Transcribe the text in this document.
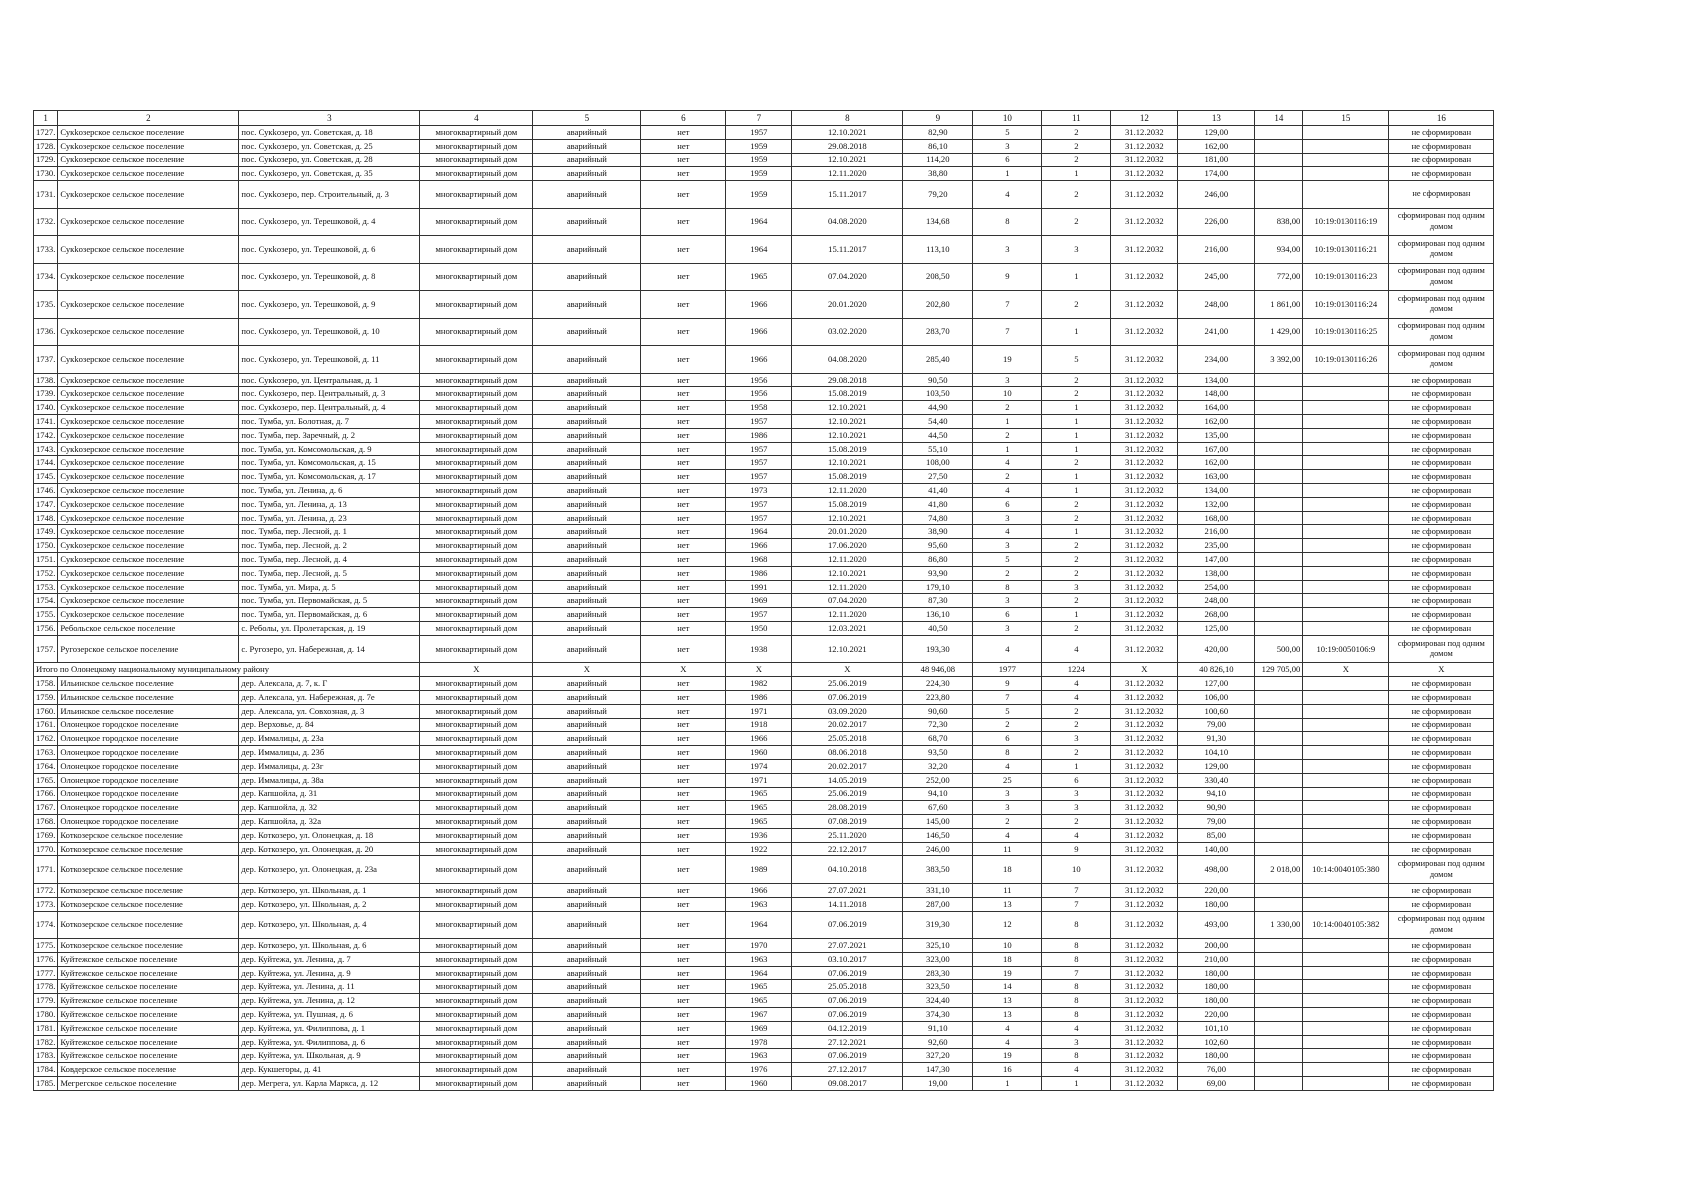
1	2	3	4	5	6	7	8	9	10	11	12	13	14	15	16
1727.	Сукkoзерское сельское поселение	пос. Сукkoзеро, ул. Советская, д. 18	многоквартирный дом	аварийный	нет	1957	12.10.2021	82,90	5	2	31.12.2032	129,00			не сформирован
1728.	Сукkoзерское сельское поселение	пос. Сукkoзеро, ул. Советская, д. 25	многоквартирный дом	аварийный	нет	1959	29.08.2018	86,10	3	2	31.12.2032	162,00			не сформирован
1729.	Сукkoзерское сельское поселение	пос. Сукkoзеро, ул. Советская, д. 28	многоквартирный дом	аварийный	нет	1959	12.10.2021	114,20	6	2	31.12.2032	181,00			не сформирован
1730.	Сукkoзерское сельское поселение	пос. Сукkoзеро, ул. Советская, д. 35	многоквартирный дом	аварийный	нет	1959	12.11.2020	38,80	1	1	31.12.2032	174,00			не сформирован
1731.	Сукkoзерское сельское поселение	пос. Сукkoзеро, пер. Строительный, д. 3	многоквартирный дом	аварийный	нет	1959	15.11.2017	79,20	4	2	31.12.2032	246,00			не сформирован
1732.	Сукkoзерское сельское поселение	пос. Сукkoзеро, ул. Терешковой, д. 4	многоквартирный дом	аварийный	нет	1964	04.08.2020	134,68	8	2	31.12.2032	226,00	838,00	10:19:0130116:19	сформирован под одним домом
1733.	Сукkoзерское сельское поселение	пос. Сукkoзеро, ул. Терешковой, д. 6	многоквартирный дом	аварийный	нет	1964	15.11.2017	113,10	3	3	31.12.2032	216,00	934,00	10:19:0130116:21	сформирован под одним домом
1734.	Сукkoзерское сельское поселение	пос. Сукkoзеро, ул. Терешковой, д. 8	многоквартирный дом	аварийный	нет	1965	07.04.2020	208,50	9	1	31.12.2032	245,00	772,00	10:19:0130116:23	сформирован под одним домом
1735.	Сукkoзерское сельское поселение	пос. Сукkoзеро, ул. Терешковой, д. 9	многоквартирный дом	аварийный	нет	1966	20.01.2020	202,80	7	2	31.12.2032	248,00	1 861,00	10:19:0130116:24	сформирован под одним домом
1736.	Сукkoзерское сельское поселение	пос. Сукkoзеро, ул. Терешковой, д. 10	многоквартирный дом	аварийный	нет	1966	03.02.2020	283,70	7	1	31.12.2032	241,00	1 429,00	10:19:0130116:25	сформирован под одним домом
1737.	Сукkoзерское сельское поселение	пос. Сукkoзеро, ул. Терешковой, д. 11	многоквартирный дом	аварийный	нет	1966	04.08.2020	285,40	19	5	31.12.2032	234,00	3 392,00	10:19:0130116:26	сформирован под одним домом
1738.	Сукkoзерское сельское поселение	пос. Сукkoзеро, ул. Центральная, д. 1	многоквартирный дом	аварийный	нет	1956	29.08.2018	90,50	3	2	31.12.2032	134,00			не сформирован
1739.	Сукkoзерское сельское поселение	пос. Сукkoзеро, пер. Центральный, д. 3	многоквартирный дом	аварийный	нет	1956	15.08.2019	103,50	10	2	31.12.2032	148,00			не сформирован
1740.	Сукkoзерское сельское поселение	пос. Сукkoзеро, пер. Центральный, д. 4	многоквартирный дом	аварийный	нет	1958	12.10.2021	44,90	2	1	31.12.2032	164,00			не сформирован
1741.	Сукkoзерское сельское поселение	пос. Тумба, ул. Болотная, д. 7	многоквартирный дом	аварийный	нет	1957	12.10.2021	54,40	1	1	31.12.2032	162,00			не сформирован
1742.	Сукkoзерское сельское поселение	пос. Тумба, пер. Заречный, д. 2	многоквартирный дом	аварийный	нет	1986	12.10.2021	44,50	2	1	31.12.2032	135,00			не сформирован
1743.	Сукkoзерское сельское поселение	пос. Тумба, ул. Комсомольская, д. 9	многоквартирный дом	аварийный	нет	1957	15.08.2019	55,10	1	1	31.12.2032	167,00			не сформирован
1744.	Сукkoзерское сельское поселение	пос. Тумба, ул. Комсомольская, д. 15	многоквартирный дом	аварийный	нет	1957	12.10.2021	108,00	4	2	31.12.2032	162,00			не сформирован
1745.	Сукkoзерское сельское поселение	пос. Тумба, ул. Комсомольская, д. 17	многоквартирный дом	аварийный	нет	1957	15.08.2019	27,50	2	1	31.12.2032	163,00			не сформирован
1746.	Сукkoзерское сельское поселение	пос. Тумба, ул. Ленина, д. 6	многоквартирный дом	аварийный	нет	1973	12.11.2020	41,40	4	1	31.12.2032	134,00			не сформирован
1747.	Сукkoзерское сельское поселение	пос. Тумба, ул. Ленина, д. 13	многоквартирный дом	аварийный	нет	1957	15.08.2019	41,80	6	2	31.12.2032	132,00			не сформирован
1748.	Сукkoзерское сельское поселение	пос. Тумба, ул. Ленина, д. 23	многоквартирный дом	аварийный	нет	1957	12.10.2021	74,80	3	2	31.12.2032	168,00			не сформирован
1749.	Сукkoзерское сельское поселение	пос. Тумба, пер. Лесной, д. 1	многоквартирный дом	аварийный	нет	1964	20.01.2020	38,90	4	1	31.12.2032	216,00			не сформирован
1750.	Сукkoзерское сельское поселение	пос. Тумба, пер. Лесной, д. 2	многоквартирный дом	аварийный	нет	1966	17.06.2020	95,60	3	2	31.12.2032	235,00			не сформирован
1751.	Сукkoзерское сельское поселение	пос. Тумба, пер. Лесной, д. 4	многоквартирный дом	аварийный	нет	1968	12.11.2020	86,80	5	2	31.12.2032	147,00			не сформирован
1752.	Сукkoзерское сельское поселение	пос. Тумба, пер. Лесной, д. 5	многоквартирный дом	аварийный	нет	1986	12.10.2021	93,90	2	2	31.12.2032	138,00			не сформирован
1753.	Сукkoзерское сельское поселение	пос. Тумба, ул. Мира, д. 5	многоквартирный дом	аварийный	нет	1991	12.11.2020	179,10	8	3	31.12.2032	254,00			не сформирован
1754.	Сукkoзерское сельское поселение	пос. Тумба, ул. Первомайская, д. 5	многоквартирный дом	аварийный	нет	1969	07.04.2020	87,30	3	2	31.12.2032	248,00			не сформирован
1755.	Сукkoзерское сельское поселение	пос. Тумба, ул. Первомайская, д. 6	многоквартирный дом	аварийный	нет	1957	12.11.2020	136,10	6	1	31.12.2032	268,00			не сформирован
1756.	Ребольское сельское поселение	с. Реболы, ул. Пролетарская, д. 19	многоквартирный дом	аварийный	нет	1950	12.03.2021	40,50	3	2	31.12.2032	125,00			не сформирован
1757.	Ругозерское сельское поселение	с. Ругозеро, ул. Набережная, д. 14	многоквартирный дом	аварийный	нет	1938	12.10.2021	193,30	4	4	31.12.2032	420,00	500,00	10:19:0050106:9	сформирован под одним домом
Итого по Олонецкому национальному муниципальному району			X	X	X	X	X	48 946,08	1977	1224	X	40 826,10	129 705,00	X	X
1758.	Ильинское сельское поселение	дер. Алексала, д. 7, к. Г	многоквартирный дом	аварийный	нет	1982	25.06.2019	224,30	9	4	31.12.2032	127,00			не сформирован
1759.	Ильинское сельское поселение	дер. Алексала, ул. Набережная, д. 7е	многоквартирный дом	аварийный	нет	1986	07.06.2019	223,80	7	4	31.12.2032	106,00			не сформирован
1760.	Ильинское сельское поселение	дер. Алексала, ул. Совхозная, д. 3	многоквартирный дом	аварийный	нет	1971	03.09.2020	90,60	5	2	31.12.2032	100,60			не сформирован
1761.	Олонецкое городское поселение	дер. Верховье, д. 84	многоквартирный дом	аварийный	нет	1918	20.02.2017	72,30	2	2	31.12.2032	79,00			не сформирован
1762.	Олонецкое городское поселение	дер. Иммалицы, д. 23а	многоквартирный дом	аварийный	нет	1966	25.05.2018	68,70	6	3	31.12.2032	91,30			не сформирован
1763.	Олонецкое городское поселение	дер. Иммалицы, д. 23б	многоквартирный дом	аварийный	нет	1960	08.06.2018	93,50	8	2	31.12.2032	104,10			не сформирован
1764.	Олонецкое городское поселение	дер. Иммалицы, д. 23г	многоквартирный дом	аварийный	нет	1974	20.02.2017	32,20	4	1	31.12.2032	129,00			не сформирован
1765.	Олонецкое городское поселение	дер. Иммалицы, д. 38а	многоквартирный дом	аварийный	нет	1971	14.05.2019	252,00	25	6	31.12.2032	330,40			не сформирован
1766.	Олонецкое городское поселение	дер. Капшойла, д. 31	многоквартирный дом	аварийный	нет	1965	25.06.2019	94,10	3	3	31.12.2032	94,10			не сформирован
1767.	Олонецкое городское поселение	дер. Капшойла, д. 32	многоквартирный дом	аварийный	нет	1965	28.08.2019	67,60	3	3	31.12.2032	90,90			не сформирован
1768.	Олонецкое городское поселение	дер. Капшойла, д. 32а	многоквартирный дом	аварийный	нет	1965	07.08.2019	145,00	2	2	31.12.2032	79,00			не сформирован
1769.	Коткозерское сельское поселение	дер. Коткозеро, ул. Олонецкая, д. 18	многоквартирный дом	аварийный	нет	1936	25.11.2020	146,50	4	4	31.12.2032	85,00			не сформирован
1770.	Коткозерское сельское поселение	дер. Коткозеро, ул. Олонецкая, д. 20	многоквартирный дом	аварийный	нет	1922	22.12.2017	246,00	11	9	31.12.2032	140,00			не сформирован
1771.	Коткозерское сельское поселение	дер. Коткозеро, ул. Олонецкая, д. 23а	многоквартирный дом	аварийный	нет	1989	04.10.2018	383,50	18	10	31.12.2032	498,00	2 018,00	10:14:0040105:380	сформирован под одним домом
1772.	Коткозерское сельское поселение	дер. Коткозеро, ул. Школьная, д. 1	многоквартирный дом	аварийный	нет	1966	27.07.2021	331,10	11	7	31.12.2032	220,00			не сформирован
1773.	Коткозерское сельское поселение	дер. Коткозеро, ул. Школьная, д. 2	многоквартирный дом	аварийный	нет	1963	14.11.2018	287,00	13	7	31.12.2032	180,00			не сформирован
1774.	Коткозерское сельское поселение	дер. Коткозеро, ул. Школьная, д. 4	многоквартирный дом	аварийный	нет	1964	07.06.2019	319,30	12	8	31.12.2032	493,00	1 330,00	10:14:0040105:382	сформирован под одним домом
1775.	Коткозерское сельское поселение	дер. Коткозеро, ул. Школьная, д. 6	многоквартирный дом	аварийный	нет	1970	27.07.2021	325,10	10	8	31.12.2032	200,00			не сформирован
1776.	Куйтежское сельское поселение	дер. Куйтежа, ул. Ленина, д. 7	многоквартирный дом	аварийный	нет	1963	03.10.2017	323,00	18	8	31.12.2032	210,00			не сформирован
1777.	Куйтежское сельское поселение	дер. Куйтежа, ул. Ленина, д. 9	многоквартирный дом	аварийный	нет	1964	07.06.2019	283,30	19	7	31.12.2032	180,00			не сформирован
1778.	Куйтежское сельское поселение	дер. Куйтежа, ул. Ленина, д. 11	многоквартирный дом	аварийный	нет	1965	25.05.2018	323,50	14	8	31.12.2032	180,00			не сформирован
1779.	Куйтежское сельское поселение	дер. Куйтежа, ул. Ленина, д. 12	многоквартирный дом	аварийный	нет	1965	07.06.2019	324,40	13	8	31.12.2032	180,00			не сформирован
1780.	Куйтежское сельское поселение	дер. Куйтежа, ул. Пушная, д. 6	многоквартирный дом	аварийный	нет	1967	07.06.2019	374,30	13	8	31.12.2032	220,00			не сформирован
1781.	Куйтежское сельское поселение	дер. Куйтежа, ул. Филиппова, д. 1	многоквартирный дом	аварийный	нет	1969	04.12.2019	91,10	4	4	31.12.2032	101,10			не сформирован
1782.	Куйтежское сельское поселение	дер. Куйтежа, ул. Филиппова, д. 6	многоквартирный дом	аварийный	нет	1978	27.12.2021	92,60	4	3	31.12.2032	102,60			не сформирован
1783.	Куйтежское сельское поселение	дер. Куйтежа, ул. Школьная, д. 9	многоквартирный дом	аварийный	нет	1963	07.06.2019	327,20	19	8	31.12.2032	180,00			не сформирован
1784.	Ковдерское сельское поселение	дер. Кукшегоры, д. 41	многоквартирный дом	аварийный	нет	1976	27.12.2017	147,30	16	4	31.12.2032	76,00			не сформирован
1785.	Мегрегское сельское поселение	дер. Мегрега, ул. Карла Маркса, д. 12	многоквартирный дом	аварийный	нет	1960	09.08.2017	19,00	1	1	31.12.2032	69,00			не сформирован
